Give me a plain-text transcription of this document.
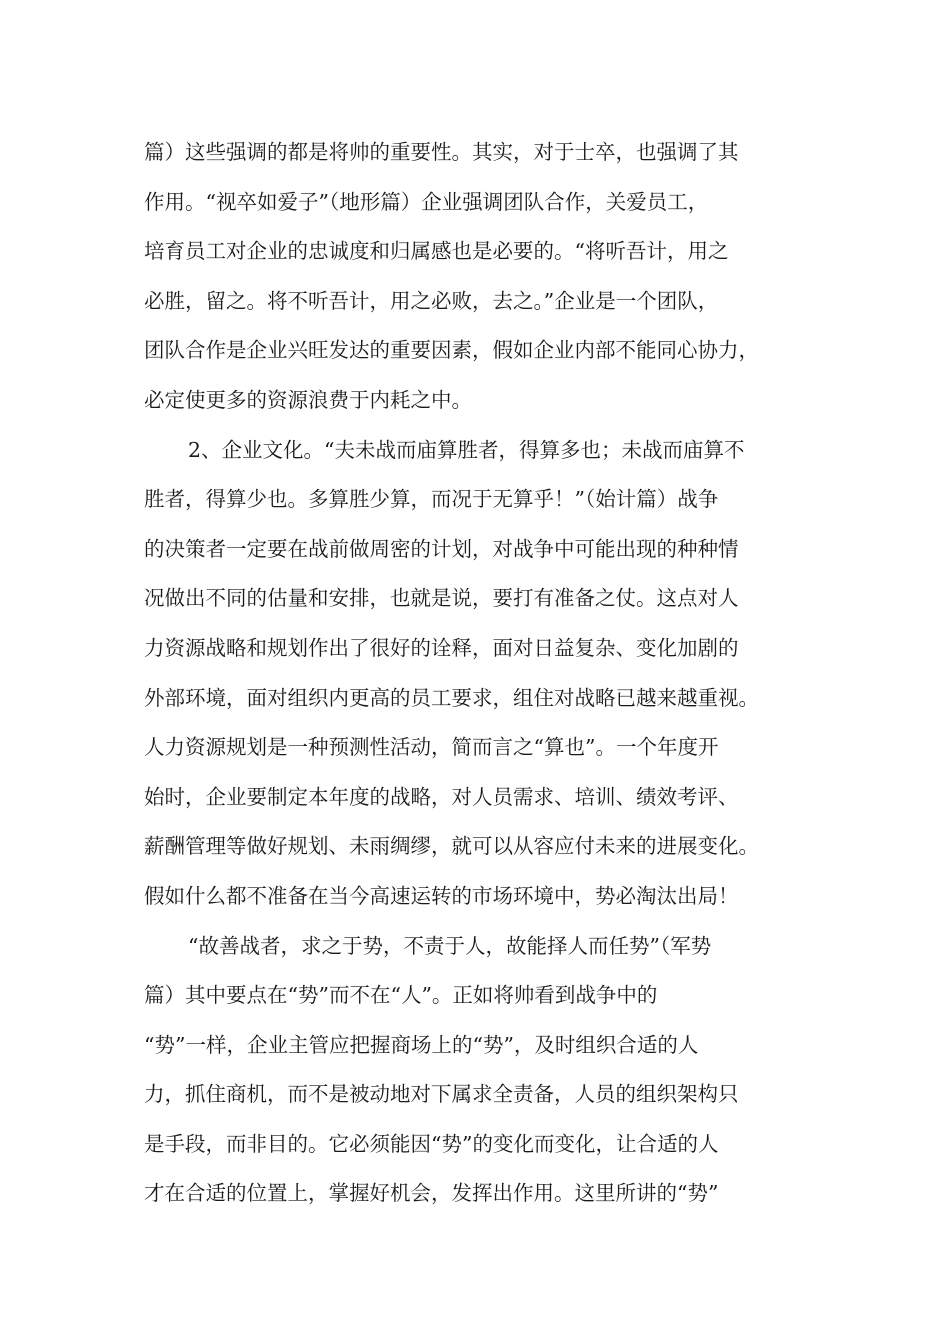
篇）这些强调的都是将帅的重要性。其实，对于士卒，也强调了其
作用。“视卒如爱子”（地形篇）企业强调团队合作，关爱员工，
培育员工对企业的忠诚度和归属感也是必要的。“将听吾计，用之
必胜，留之。将不听吾计，用之必败，去之。”企业是一个团队，
团队合作是企业兴旺发达的重要因素，假如企业内部不能同心协力，
必定使更多的资源浪费于内耗之中。
2、企业文化。“夫未战而庙算胜者，得算多也；未战而庙算不
胜者，得算少也。多算胜少算，而况于无算乎！”（始计篇）战争
的决策者一定要在战前做周密的计划，对战争中可能出现的种种情
况做出不同的估量和安排，也就是说，要打有准备之仗。这点对人
力资源战略和规划作出了很好的诠释，面对日益复杂、变化加剧的
外部环境，面对组织内更高的员工要求，组住对战略已越来越重视。
人力资源规划是一种预测性活动，简而言之“算也”。一个年度开
始时，企业要制定本年度的战略，对人员需求、培训、绩效考评、
薪酬管理等做好规划、未雨绸缪，就可以从容应付未来的进展变化。
假如什么都不准备在当今高速运转的市场环境中，势必淘汰出局！
“故善战者，求之于势，不责于人，故能择人而任势”（军势
篇）其中要点在“势”而不在“人”。正如将帅看到战争中的
“势”一样，企业主管应把握商场上的“势”，及时组织合适的人
力，抓住商机，而不是被动地对下属求全责备，人员的组织架构只
是手段，而非目的。它必须能因“势”的变化而变化，让合适的人
才在合适的位置上，掌握好机会，发挥出作用。这里所讲的“势”
